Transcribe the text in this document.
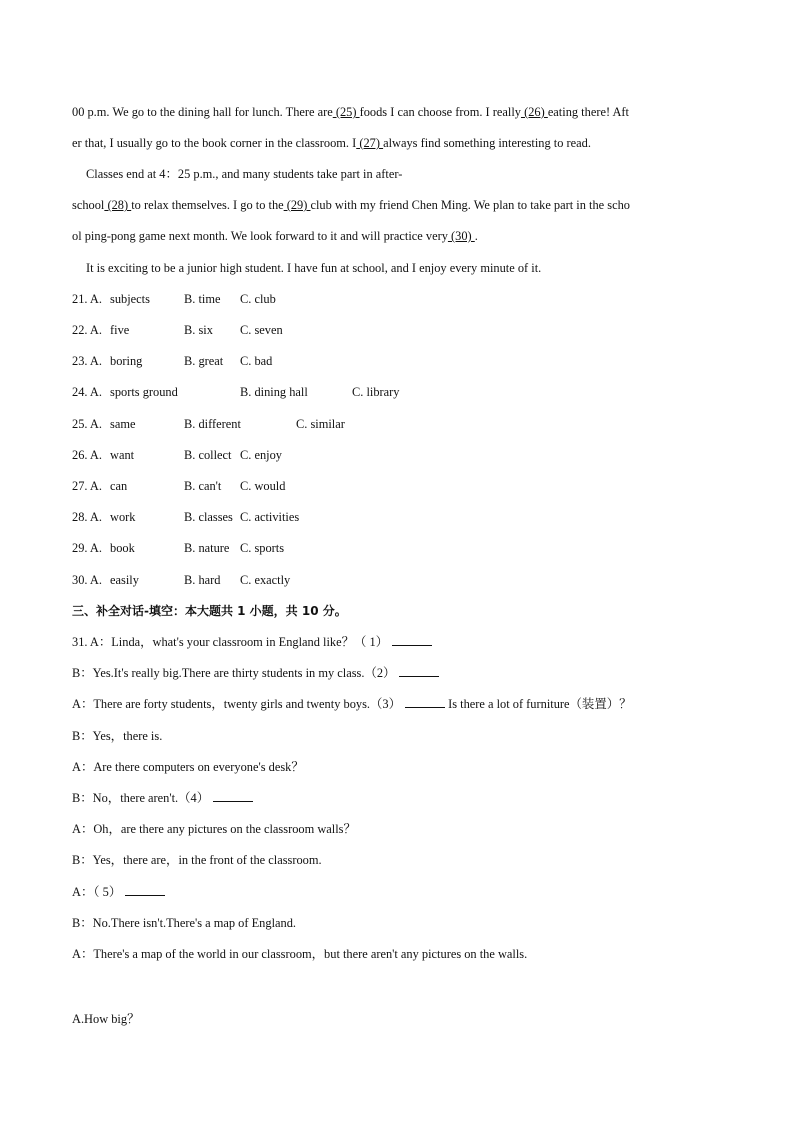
00 p.m. We go to the dining hall for lunch. There are (25) foods I can choose from. I really (26) eating there! Aft
er that, I usually go to the book corner in the classroom. I (27) always find something interesting to read.
Classes end at 4：25 p.m., and many students take part in after-
school (28) to relax themselves. I go to the (29) club with my friend Chen Ming. We plan to take part in the scho
ol ping-pong game next month. We look forward to it and will practice very (30) .
It is exciting to be a junior high student. I have fun at school, and I enjoy every minute of it.
21. A. subjects	B. time C. club
22. A. five	B. six C. seven
23. A. boring	B. great C. bad
24. A. sports ground	B. dining hall	C. library
25. A. same	B. different	C. similar
26. A. want	B. collect C. enjoy
27. A. can	B. can't C. would
28. A. work	B. classes C. activities
29. A. book	B. nature C. sports
30. A. easily	B. hard C. exactly
三、补全对话-填空：本大题共 1 小题，共 10 分。
31. A：Linda，what's your classroom in England like？（ 1）
B：Yes.It's really big.There are thirty students in my class.（2）
A：There are forty students，twenty girls and twenty boys.（3）	Is there a lot of furniture（装置）？
B：Yes，there is.
A：Are there computers on everyone's desk？
B：No，there aren't.（4）
A：Oh，are there any pictures on the classroom walls？
B：Yes，there are，in the front of the classroom.
A：（ 5）
B：No.There isn't.There's a map of England.
A：There's a map of the world in our classroom，but there aren't any pictures on the walls.
A.How big？
